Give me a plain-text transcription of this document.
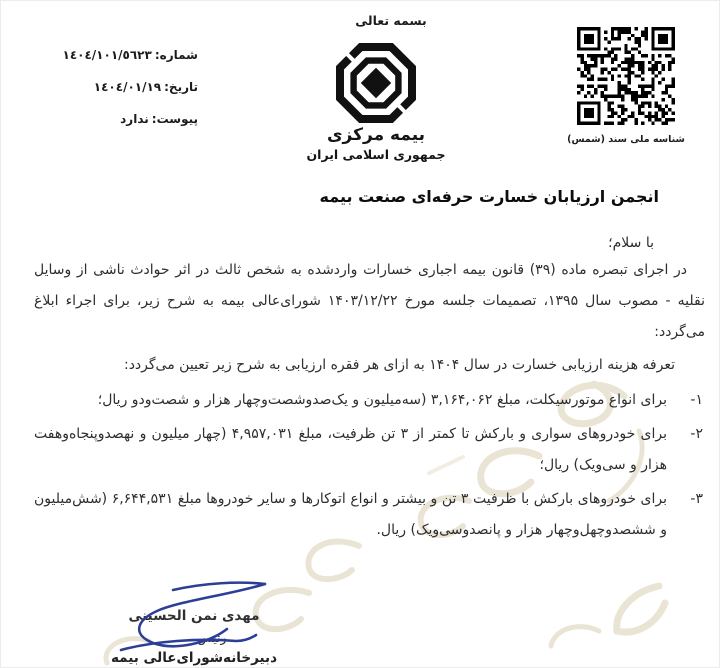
بسمه تعالی
شماره:١٤٠٤/١٠١/٥٦٢٣
تاریخ:١٤٠٤/٠١/١٩
پیوست:ندارد
بیمه مرکزی
جمهوری اسلامی ایران
شناسه ملی سند (شمس)
انجمن ارزیابان خسارت حرفه‌ای صنعت بیمه
با سلام؛
در اجرای تبصره ماده (۳۹) قانون بیمه اجباری خسارات واردشده به شخص ثالث در اثر حوادث ناشی از وسایل نقلیه - مصوب سال ۱۳۹۵، تصمیمات جلسه مورخ ۱۴۰۳/۱۲/۲۲ شورای‌عالی بیمه به شرح زیر، برای اجراء ابلاغ می‌گردد:
تعرفه هزینه ارزیابی خسارت در سال ۱۴۰۴ به ازای هر فقره ارزیابی به شرح زیر تعیین می‌گردد:
۱-
برای انواع موتورسیکلت، مبلغ ۳,۱۶۴,۰۶۲ (سه‌میلیون و یک‌صدوشصت‌وچهار هزار و شصت‌ودو ریال؛
۲-
برای خودروهای سواری و بارکش تا کمتر از ۳ تن ظرفیت، مبلغ ۴,۹۵۷,۰۳۱ (چهار میلیون و نهصدوپنجاه‌وهفت هزار و سی‌ویک) ریال؛
۳-
برای خودروهای بارکش با ظرفیت ۳ تن و بیشتر و انواع اتوکارها و سایر خودروها مبلغ ۶,۶۴۴,۵۳۱ (شش‌میلیون و ششصدوچهل‌وچهار هزار و پانصدوسی‌ویک) ریال.
مهدی نمن الحسینی
رئیس
دبیرخانه‌شورای‌عالی بیمه
